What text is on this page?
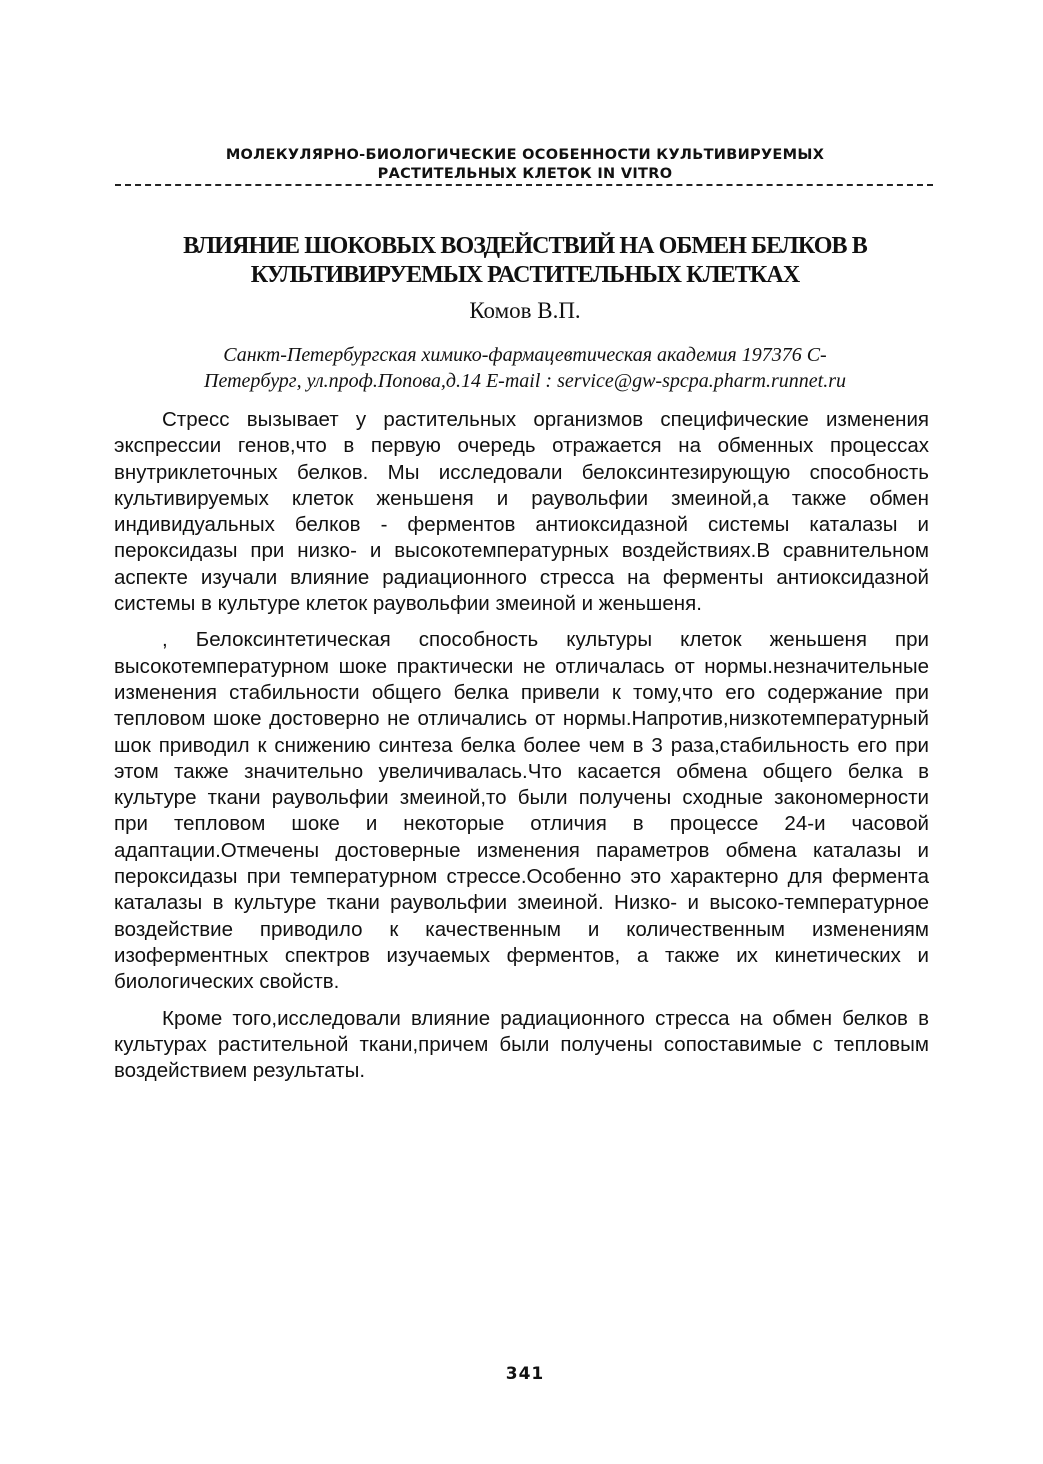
МОЛЕКУЛЯРНО-БИОЛОГИЧЕСКИЕ ОСОБЕННОСТИ КУЛЬТИВИРУЕМЫХ
РАСТИТЕЛЬНЫХ КЛЕТОК IN VITRO
ВЛИЯНИЕ ШОКОВЫХ ВОЗДЕЙСТВИЙ НА ОБМЕН БЕЛКОВ В
КУЛЬТИВИРУЕМЫХ РАСТИТЕЛЬНЫХ КЛЕТКАХ
Комов В.П.
Санкт-Петербургская химико-фармацевтическая академия 197376 С-
Петербург, ул.проф.Попова,д.14 E-mail : service@gw-spcpa.pharm.runnet.ru

Стресс вызывает у растительных организмов специфические изменения экспрессии генов,что в первую очередь отражается на обменных процессах внутриклеточных белков. Мы исследовали белоксинтезирующую способность культивируемых клеток женьшеня и раувольфии змеиной,а также обмен индивидуальных белков - ферментов антиоксидазной системы каталазы и пероксидазы при низко- и высокотемпературных воздействиях.В сравнительном аспекте изучали влияние радиационного стресса на ферменты антиоксидазной системы в культуре клеток раувольфии змеиной и женьшеня.

, Белоксинтетическая способность культуры клеток женьшеня при высокотемпературном шоке практически не отличалась от нормы.незначительные изменения стабильности общего белка привели к тому,что его содержание при тепловом шоке достоверно не отличались от нормы.Напротив,низкотемпературный шок приводил к снижению синтеза белка более чем в 3 раза,стабильность его при этом также значительно увеличивалась.Что касается обмена общего белка в культуре ткани раувольфии змеиной,то были получены сходные закономерности при тепловом шоке и некоторые отличия в процессе 24-и часовой адаптации.Отмечены достоверные изменения параметров обмена каталазы и пероксидазы при температурном стрессе.Особенно это характерно для фермента каталазы в культуре ткани раувольфии змеиной. Низко- и высоко-температурное воздействие приводило к качественным и количественным изменениям изоферментных спектров изучаемых ферментов, а также их кинетических и биологических свойств.

Кроме того,исследовали влияние радиационного стресса на обмен белков в культурах растительной ткани,причем были получены сопоставимые с тепловым воздействием результаты.

341
